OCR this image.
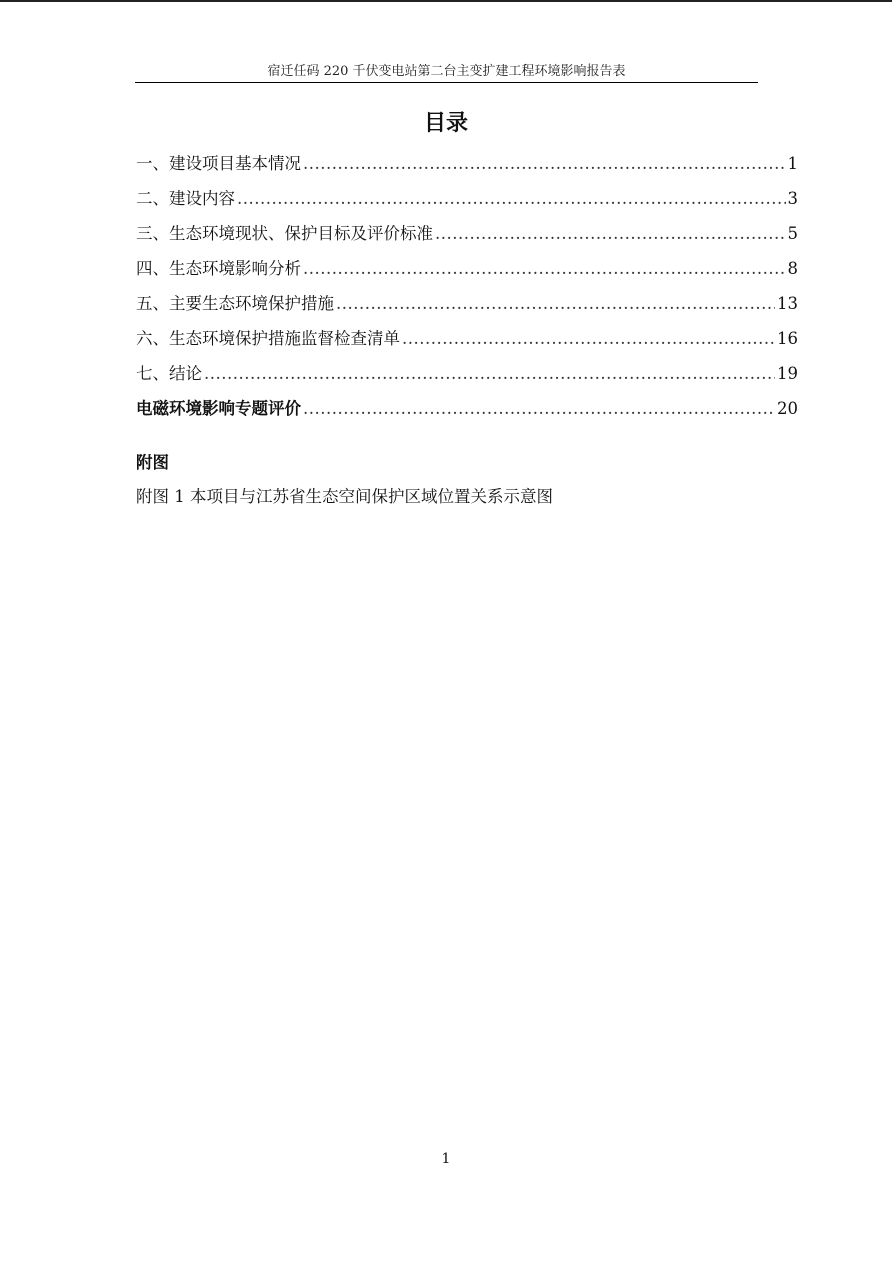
宿迁任码 220 千伏变电站第二台主变扩建工程环境影响报告表
目录
一、建设项目基本情况 .....	1
二、建设内容 .....	3
三、生态环境现状、保护目标及评价标准 .....	5
四、生态环境影响分析 .....	8
五、主要生态环境保护措施 .....	13
六、生态环境保护措施监督检查清单 .....	16
七、结论 .....	19
电磁环境影响专题评价 .....	20
附图
附图 1 本项目与江苏省生态空间保护区域位置关系示意图
1
